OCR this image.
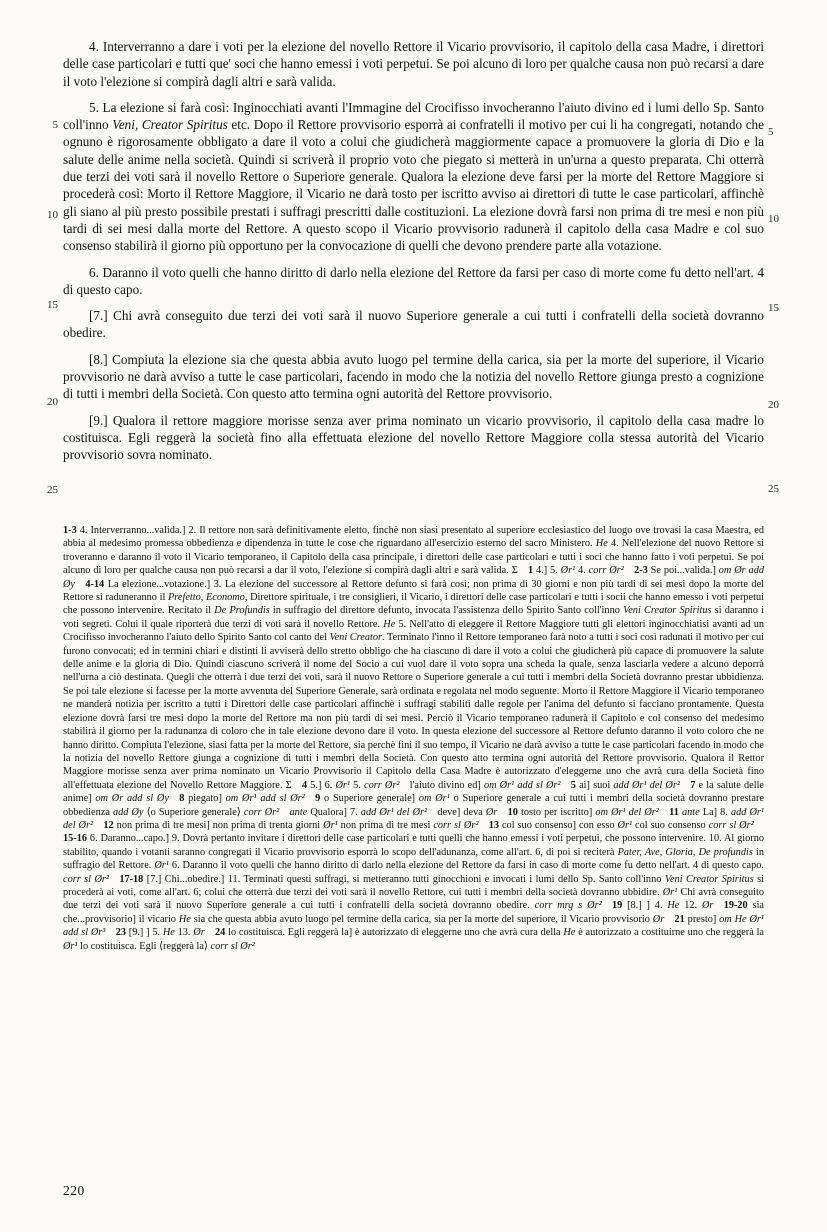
5
10
15
20
25
5
10
15
20
25

4. Interverranno a dare i voti per la elezione del novello Rettore il Vicario provvisorio, il capitolo della casa Madre, i direttori delle case particolari e tutti que' soci che hanno emessi i voti perpetui. Se poi alcuno di loro per qualche causa non può recarsi a dare il voto l'elezione si compirà dagli altri e sarà valida.

5. La elezione si farà così: Inginocchiati avanti l'Immagine del Crocifisso invocheranno l'aiuto divino ed i lumi dello Sp. Santo coll'inno Veni, Creator Spiritus etc. Dopo il Rettore provvisorio esporrà ai confratelli il motivo per cui li ha congregati, notando che ognuno è rigorosamente obbligato a dare il voto a colui che giudicherà maggiormente capace a promuovere la gloria di Dio e la salute delle anime nella società. Quindi si scriverà il proprio voto che piegato si metterà in un'urna a questo preparata. Chi otterrà due terzi dei voti sarà il novello Rettore o Superiore generale. Qualora la elezione deve farsi per la morte del Rettore Maggiore si procederà così: Morto il Rettore Maggiore, il Vicario ne darà tosto per iscritto avviso ai direttori di tutte le case particolari, affinchè gli siano al più presto possibile prestati i suffragi prescritti dalle costituzioni. La elezione dovrà farsi non prima di tre mesi e non più tardi di sei mesi dalla morte del Rettore. A questo scopo il Vicario provvisorio radunerà il capitolo della casa Madre e col suo consenso stabilirà il giorno più opportuno per la convocazione di quelli che devono prendere parte alla votazione.

6. Daranno il voto quelli che hanno diritto di darlo nella elezione del Rettore da farsi per caso di morte come fu detto nell'art. 4 di questo capo.

[7.] Chi avrà conseguito due terzi dei voti sarà il nuovo Superiore generale a cui tutti i confratelli della società dovranno obedire.

[8.] Compiuta la elezione sia che questa abbia avuto luogo pel termine della carica, sia per la morte del superiore, il Vicario provvisorio ne darà avviso a tutte le case particolari, facendo in modo che la notizia del novello Rettore giunga presto a cognizione di tutti i membri della Società. Con questo atto termina ogni autorità del Rettore provvisorio.

[9.] Qualora il rettore maggiore morisse senza aver prima nominato un vicario provvisorio, il capitolo della casa madre lo costituisca. Egli reggerà la società fino alla effettuata elezione del novello Rettore Maggiore colla stessa autorità del Vicario provvisorio sovra nominato.

1-3 4. Interverranno...valida.] 2. Il rettore non sarà definitivamente eletto, finchè non siasi presentato al superiore ecclesiastico del luogo ove trovasi la casa Maestra, ed abbia al medesimo promessa obbedienza e dipendenza in tutte le cose che riguardano all'esercizio esterno del sacro Ministero. He 4. Nell'elezione del nuovo Rettore si troveranno e daranno il voto il Vicario temporaneo, il Capitolo della casa principale, i direttori delle case particolari e tutti i soci che hanno fatto i voti perpetui. Se poi alcuno di loro per qualche causa non può recarsi a dar il voto, l'elezione si compirà dagli altri e sarà valida. Σ 1 4.] 5. Ør¹ 4. corr Ør²  2-3 Se poi...valida.] om Ør add Øy  4-14 La elezione...votazione.] 3. La elezione del successore al Rettore defunto si farà così; non prima di 30 giorni e non più tardi di sei mesi dopo la morte del Rettore si raduneranno il Prefetto, Economo, Direttore spirituale, i tre consiglieri, il Vicario, i direttori delle case particolari e tutti i socii che hanno emesso i voti perpetui che possono intervenire. Recitato il De Profundis in suffragio del direttore defunto, invocata l'assistenza dello Spirito Santo coll'inno Veni Creator Spiritus si daranno i voti segreti. Colui il quale riporterà due terzi di voti sarà il novello Rettore. He 5. Nell'atto di eleggere il Rettore Maggiore tutti gli elettori inginocchiatisi avanti ad un Crocifisso invocheranno l'aiuto dello Spirito Santo col canto del Veni Creator. Terminato l'inno il Rettore temporaneo farà noto a tutti i soci così radunati il motivo per cui furono convocati; ed in termini chiari e distinti li avviserà dello stretto obbligo che ha ciascuno di dare il voto a colui che giudicherà più capace di promuovere la salute delle anime e la gloria di Dio. Quindi ciascuno scriverà il nome del Socio a cui vuol dare il voto sopra una scheda la quale, senza lasciarla vedere a alcuno deporrà nell'urna a ciò destinata. Quegli che otterrà i due terzi dei voti, sarà il nuovo Rettore o Superiore generale a cui tutti i membri della Società dovranno prestar ubbidienza. Se poi tale elezione si facesse per la morte avvenuta del Superiore Generale, sarà ordinata e regolata nel modo seguente. Morto il Rettore Maggiore il Vicario temporaneo ne manderà notizia per iscritto a tutti i Direttori delle case particolari affinchè i suffragi stabiliti dalle regole per l'anima del defunto si facciano prontamente. Questa elezione dovrà farsi tre mesi dopo la morte del Rettore ma non più tardi di sei mesi. Perciò il Vicario temporaneo radunerà il Capitolo e col consenso del medesimo stabilirà il giorno per la radunanza di coloro che in tale elezione devono dare il voto. In questa elezione del successore al Rettore defunto daranno il voto coloro che ne hanno diritto. Compiuta l'elezione, siasi fatta per la morte del Rettore, sia perchè finì il suo tempo, il Vicario ne darà avviso a tutte le case particolari facendo in modo che la notizia del novello Rettore giunga a cognizione di tutti i membri della Società. Con questo atto termina ogni autorità del Rettore provvisorio. Qualora il Rettor Maggiore morisse senza aver prima nominato un Vicario Provvisorio il Capitolo della Casa Madre è autorizzato d'eleggerne uno che avrà cura della Società fino all'effettuata elezione del Novello Rettore Maggiore. Σ 4 5.] 6. Ør¹ 5. corr Ør² l'aiuto divino ed] om Ør¹ add sl Ør²  5 ai] suoi add Ør¹ del Ør²  7 e la salute delle anime] om Ør add sl Øy  8 piegato] om Ør¹ add sl Ør²  9 o Superiore generale] om Ør¹ o Superiore generale a cui tutti i membri della società dovranno prestare obbedienza add Øy ⟨o Superiore generale⟩ corr Ør²  ante Qualora] 7. add Ør¹ del Ør² deve] deva Ør  10 tosto per iscritto] om Ør¹ del Ør²  11 ante La] 8. add Ør¹ del Ør²  12 non prima di tre mesi] non prima di trenta giorni Ør¹ non prima di tre mesi corr sl Ør²  13 col suo consenso] con esso Ør¹ col suo consenso corr sl Ør² 15-16 6. Daranno...capo.] 9. Dovrà pertanto invitare i direttori delle case particolari e tutti quelli che hanno emessi i voti perpetui, che possono intervenire. 10. Al giorno stabilito, quando i votanti saranno congregati il Vicario provvisorio esporrà lo scopo dell'adunanza, come all'art. 6, di poi si reciterà Pater, Ave, Gloria, De profundis in suffragio del Rettore. Ør¹ 6. Daranno il voto quelli che hanno diritto di darlo nella elezione del Rettore da farsi in caso di morte come fu detto nell'art. 4 di questo capo. corr sl Ør²  17-18 [7.] Chi...obedire.] 11. Terminati questi suffragi, si metteranno tutti ginocchioni e invocati i lumi dello Sp. Santo coll'inno Veni Creator Spiritus si procederà ai voti, come all'art. 6; colui che otterrà due terzi dei voti sarà il novello Rettore, cui tutti i membri della società dovranno ubbidire. Ør¹ Chi avrà conseguito due terzi dei voti sarà il nuovo Superiore generale a cui tutti i confratelli della società dovranno obedire. corr mrg s Ør²  19 [8.] ] 4. He 12. Ør  19-20 sia che...provvisorio] il vicario He sia che questa abbia avuto luogo pel termine della carica, sia per la morte del superiore, il Vicario provvisorio Ør  21 presto] om He Ør¹ add sl Ør³  23 [9.] ] 5. He 13. Ør  24 lo costituisca. Egli reggerà la] è autorizzato di eleggerne uno che avrà cura della He è autorizzato a costituirne uno che reggerà la Ør¹ lo costituisca. Egli ⟨reggerà la⟩ corr sl Ør²
220
